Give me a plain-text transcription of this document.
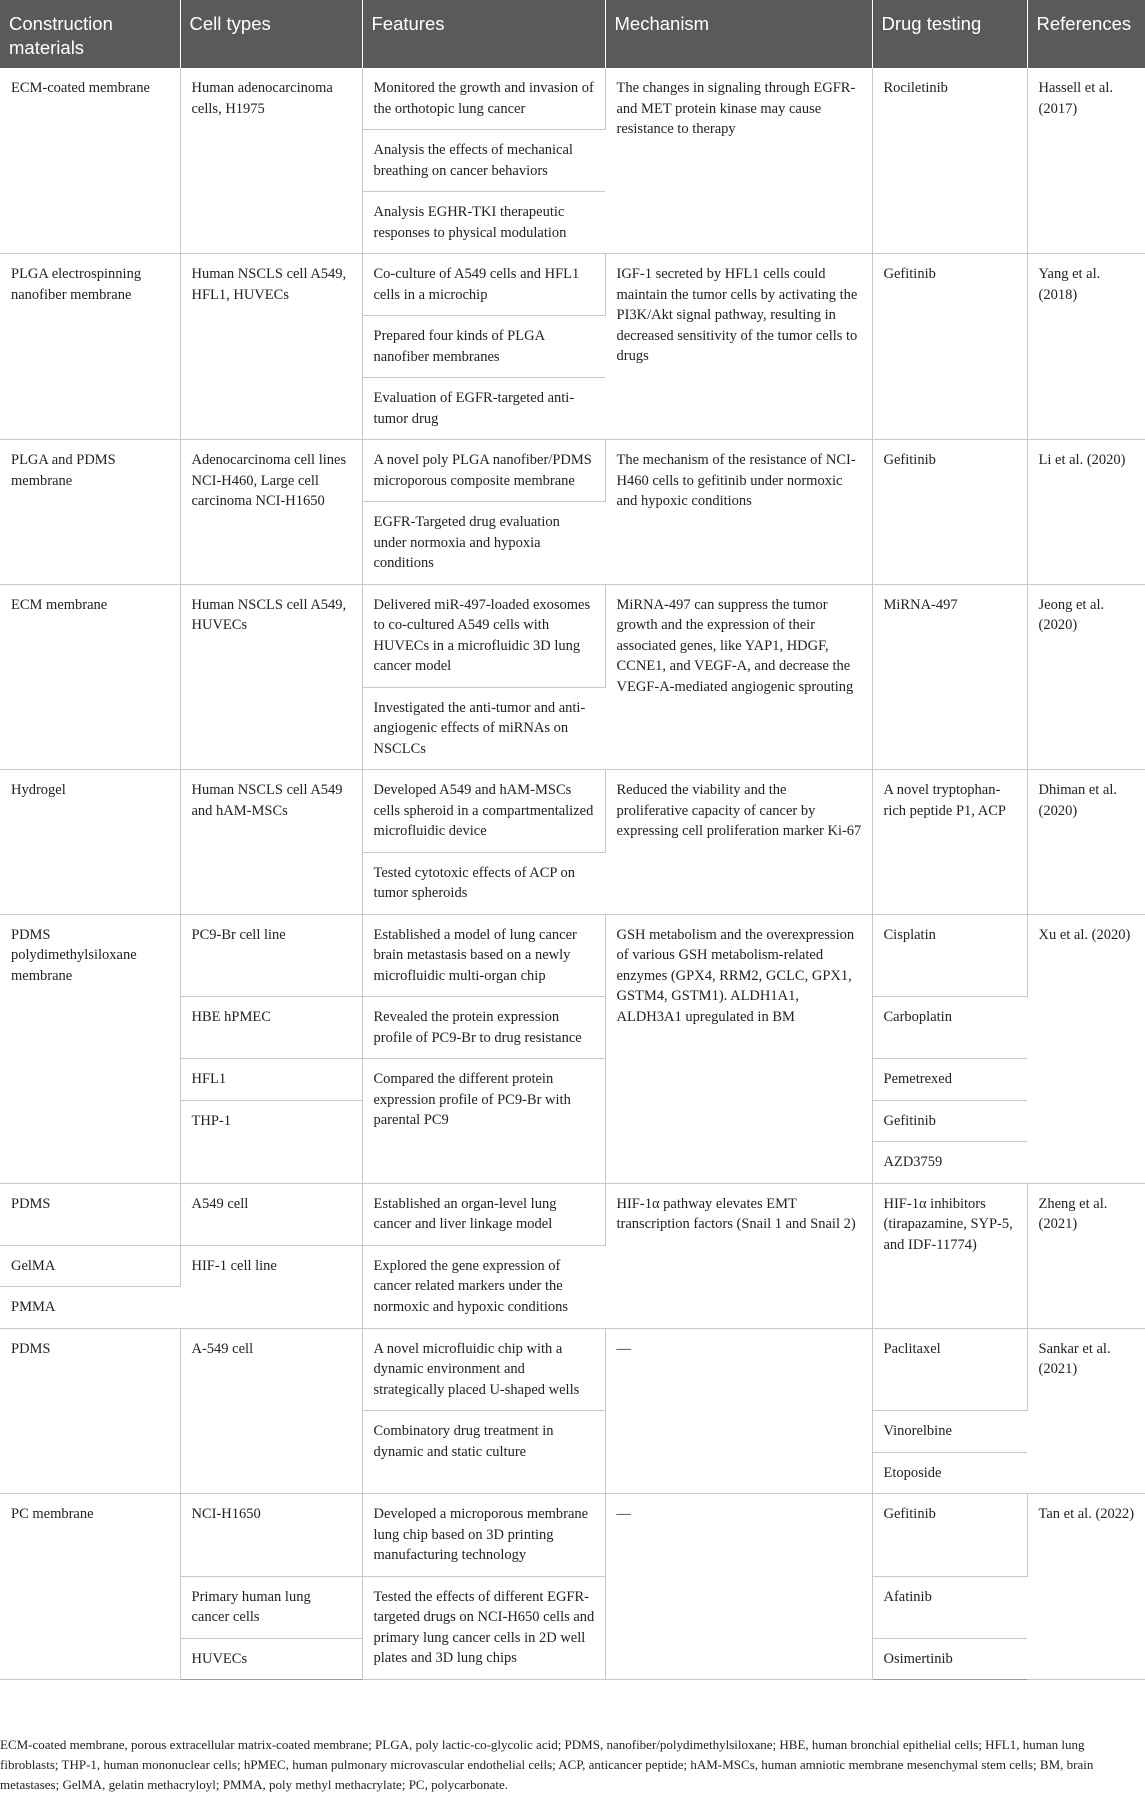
Construction materials	Cell types	Features	Mechanism	Drug testing	References
ECM-coated membrane	Human adenocarcinoma cells, H1975	Monitored the growth and invasion of the orthotopic lung cancer	The changes in signaling through EGFR- and MET protein kinase may cause resistance to therapy	Rociletinib	Hassell et al. (2017)
		Analysis the effects of mechanical breathing on cancer behaviors			
		Analysis EGHR-TKI therapeutic responses to physical modulation			
PLGA electrospinning nanofiber membrane	Human NSCLS cell A549, HFL1, HUVECs	Co-culture of A549 cells and HFL1 cells in a microchip	IGF-1 secreted by HFL1 cells could maintain the tumor cells by activating the PI3K/Akt signal pathway, resulting in decreased sensitivity of the tumor cells to drugs	Gefitinib	Yang et al. (2018)
		Prepared four kinds of PLGA nanofiber membranes			
		Evaluation of EGFR-targeted anti-tumor drug			
PLGA and PDMS membrane	Adenocarcinoma cell lines NCI-H460, Large cell carcinoma NCI-H1650	A novel poly PLGA nanofiber/PDMS microporous composite membrane	The mechanism of the resistance of NCI-H460 cells to gefitinib under normoxic and hypoxic conditions	Gefitinib	Li et al. (2020)
		EGFR-Targeted drug evaluation under normoxia and hypoxia conditions			
ECM membrane	Human NSCLS cell A549, HUVECs	Delivered miR-497-loaded exosomes to co-cultured A549 cells with HUVECs in a microfluidic 3D lung cancer model	MiRNA-497 can suppress the tumor growth and the expression of their associated genes, like YAP1, HDGF, CCNE1, and VEGF-A, and decrease the VEGF-A-mediated angiogenic sprouting	MiRNA-497	Jeong et al. (2020)
		Investigated the anti-tumor and anti-angiogenic effects of miRNAs on NSCLCs			
Hydrogel	Human NSCLS cell A549 and hAM-MSCs	Developed A549 and hAM-MSCs cells spheroid in a compartmentalized microfluidic device	Reduced the viability and the proliferative capacity of cancer by expressing cell proliferation marker Ki-67	A novel tryptophan-rich peptide P1, ACP	Dhiman et al. (2020)
		Tested cytotoxic effects of ACP on tumor spheroids			
PDMS polydimethylsiloxane membrane	PC9-Br cell line	Established a model of lung cancer brain metastasis based on a newly microfluidic multi-organ chip	GSH metabolism and the overexpression of various GSH metabolism-related enzymes (GPX4, RRM2, GCLC, GPX1, GSTM4, GSTM1). ALDH1A1, ALDH3A1 upregulated in BM	Cisplatin	Xu et al. (2020)
	HBE hPMEC	Revealed the protein expression profile of PC9-Br to drug resistance		Carboplatin	
	HFL1	Compared the different protein expression profile of PC9-Br with parental PC9		Pemetrexed	
	THP-1			Gefitinib	
				AZD3759	
PDMS	A549 cell	Established an organ-level lung cancer and liver linkage model	HIF-1α pathway elevates EMT transcription factors (Snail 1 and Snail 2)	HIF-1α inhibitors (tirapazamine, SYP-5, and IDF-11774)	Zheng et al. (2021)
GelMA	HIF-1 cell line	Explored the gene expression of cancer related markers under the normoxic and hypoxic conditions			
PMMA					
PDMS	A-549 cell	A novel microfluidic chip with a dynamic environment and strategically placed U-shaped wells	—	Paclitaxel	Sankar et al. (2021)
		Combinatory drug treatment in dynamic and static culture		Vinorelbine	
				Etoposide	
PC membrane	NCI-H1650	Developed a microporous membrane lung chip based on 3D printing manufacturing technology	—	Gefitinib	Tan et al. (2022)
	Primary human lung cancer cells	Tested the effects of different EGFR-targeted drugs on NCI-H650 cells and primary lung cancer cells in 2D well plates and 3D lung chips		Afatinib	
	HUVECs			Osimertinib	

ECM-coated membrane, porous extracellular matrix-coated membrane; PLGA, poly lactic-co-glycolic acid; PDMS, nanofiber/polydimethylsiloxane; HBE, human bronchial epithelial cells; HFL1, human lung fibroblasts; THP-1, human mononuclear cells; hPMEC, human pulmonary microvascular endothelial cells; ACP, anticancer peptide; hAM-MSCs, human amniotic membrane mesenchymal stem cells; BM, brain metastases; GelMA, gelatin methacryloyl; PMMA, poly methyl methacrylate; PC, polycarbonate.
